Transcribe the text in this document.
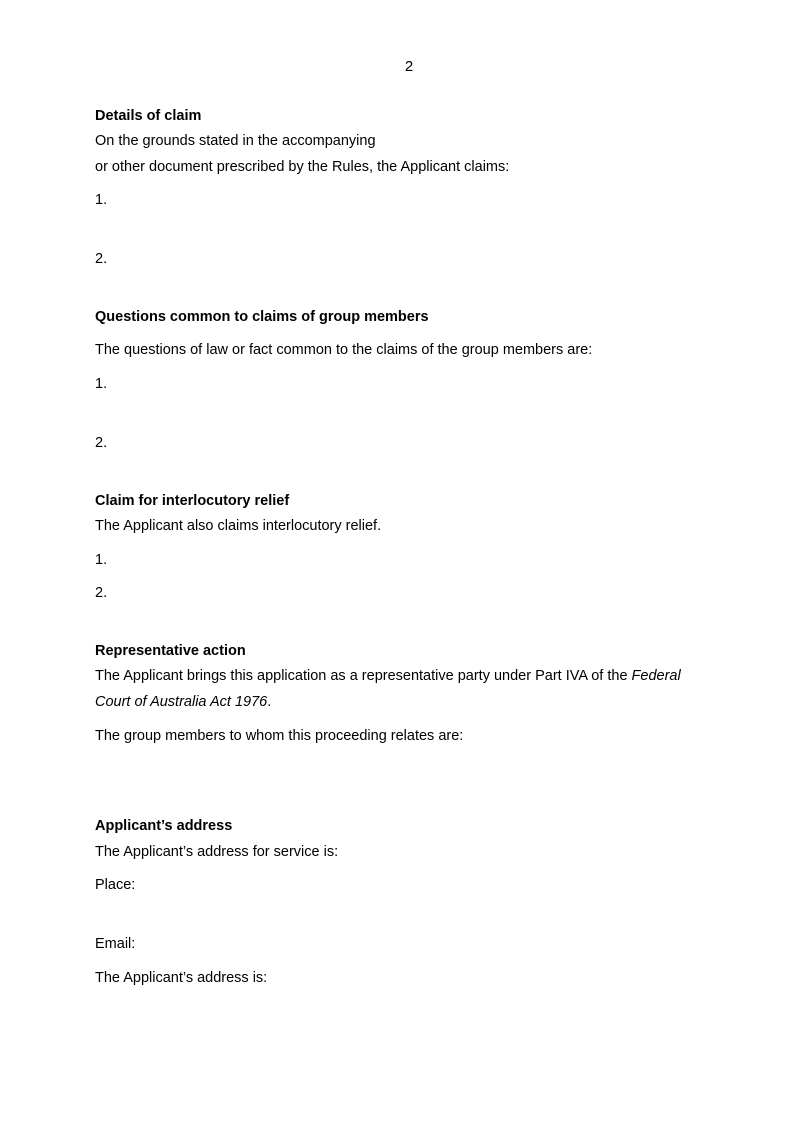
2
Details of claim
On the grounds stated in the accompanying
or other document prescribed by the Rules, the Applicant claims:
1.
2.
Questions common to claims of group members
The questions of law or fact common to the claims of the group members are:
1.
2.
Claim for interlocutory relief
The Applicant also claims interlocutory relief.
1.
2.
Representative action
The Applicant brings this application as a representative party under Part IVA of the Federal Court of Australia Act 1976.
The group members to whom this proceeding relates are:
Applicant’s address
The Applicant’s address for service is:
Place:
Email:
The Applicant’s address is:
